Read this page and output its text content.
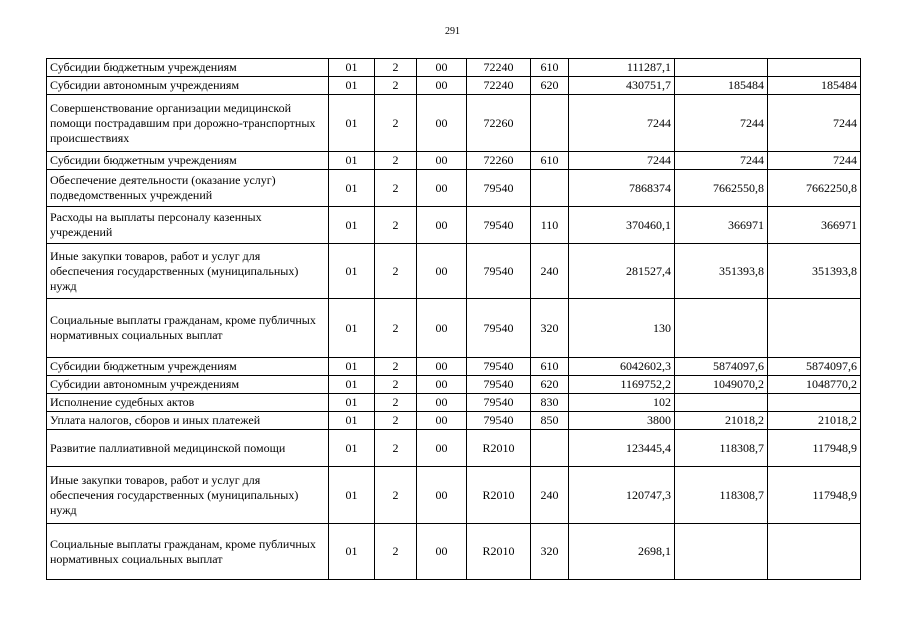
291
Субсидии бюджетным учреждениям	01	2	00	72240	610	111287,1		
Субсидии автономным учреждениям	01	2	00	72240	620	430751,7	185484	185484
Совершенствование организации медицинской помощи пострадавшим при дорожно-транспортных происшествиях	01	2	00	72260		7244	7244	7244
Субсидии бюджетным учреждениям	01	2	00	72260	610	7244	7244	7244
Обеспечение деятельности (оказание услуг) подведомственных учреждений	01	2	00	79540		7868374	7662550,8	7662250,8
Расходы на выплаты персоналу казенных учреждений	01	2	00	79540	110	370460,1	366971	366971
Иные закупки товаров, работ и услуг для обеспечения государственных (муниципальных) нужд	01	2	00	79540	240	281527,4	351393,8	351393,8
Социальные выплаты гражданам, кроме публичных нормативных социальных выплат	01	2	00	79540	320	130		
Субсидии бюджетным учреждениям	01	2	00	79540	610	6042602,3	5874097,6	5874097,6
Субсидии автономным учреждениям	01	2	00	79540	620	1169752,2	1049070,2	1048770,2
Исполнение судебных актов	01	2	00	79540	830	102		
Уплата налогов, сборов и иных платежей	01	2	00	79540	850	3800	21018,2	21018,2
Развитие паллиативной медицинской помощи	01	2	00	R2010		123445,4	118308,7	117948,9
Иные закупки товаров, работ и услуг для обеспечения государственных (муниципальных) нужд	01	2	00	R2010	240	120747,3	118308,7	117948,9
Социальные выплаты гражданам, кроме публичных нормативных социальных выплат	01	2	00	R2010	320	2698,1		
